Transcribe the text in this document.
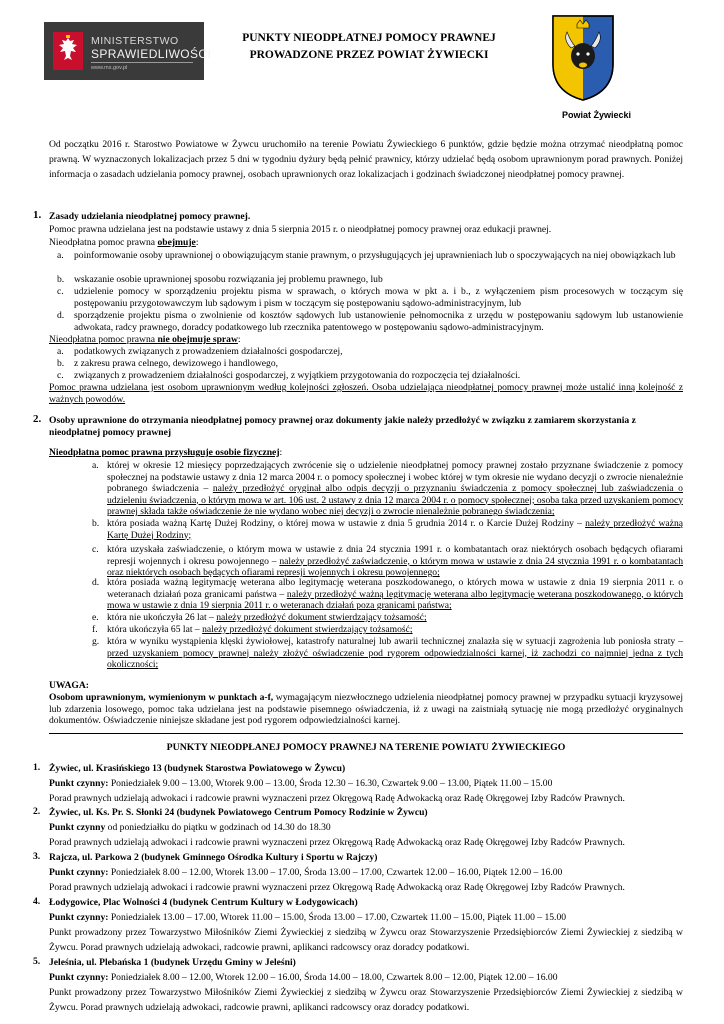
MINISTERSTWO
SPRAWIEDLIWOŚCI
www.ms.gov.pl
PUNKTY NIEODPŁATNEJ POMOCY PRAWNEJ
PROWADZONE PRZEZ POWIAT ŻYWIECKI
Powiat Żywiecki
Od początku 2016 r. Starostwo Powiatowe w Żywcu uruchomiło na terenie Powiatu Żywieckiego 6 punktów, gdzie będzie można otrzymać nieodpłatną pomoc prawną. W wyznaczonych lokalizacjach przez 5 dni w tygodniu dyżury będą pełnić prawnicy, którzy udzielać będą osobom uprawnionym porad prawnych. Poniżej informacja o zasadach udzielania pomocy prawnej, osobach uprawnionych oraz lokalizacjach i godzinach świadczonej nieodpłatnej pomocy prawnej.
1. Zasady udzielania nieodpłatnej pomocy prawnej.
Pomoc prawna udzielana jest na podstawie ustawy z dnia 5 sierpnia 2015 r. o nieodpłatnej pomocy prawnej oraz edukacji prawnej.
Nieodpłatna pomoc prawna obejmuje:
a. poinformowanie osoby uprawnionej o obowiązującym stanie prawnym, o przysługujących jej uprawnieniach lub o spoczywających na niej obowiązkach lub
b. wskazanie osobie uprawnionej sposobu rozwiązania jej problemu prawnego, lub
c. udzielenie pomocy w sporządzeniu projektu pisma w sprawach, o których mowa w pkt a. i b., z wyłączeniem pism procesowych w toczącym się postępowaniu przygotowawczym lub sądowym i pism w toczącym się postępowaniu sądowo-administracyjnym, lub
d. sporządzenie projektu pisma o zwolnienie od kosztów sądowych lub ustanowienie pełnomocnika z urzędu w postępowaniu sądowym lub ustanowienie adwokata, radcy prawnego, doradcy podatkowego lub rzecznika patentowego w postępowaniu sądowo-administracyjnym.
Nieodpłatna pomoc prawna nie obejmuje spraw:
a. podatkowych związanych z prowadzeniem działalności gospodarczej,
b. z zakresu prawa celnego, dewizowego i handlowego,
c. związanych z prowadzeniem działalności gospodarczej, z wyjątkiem przygotowania do rozpoczęcia tej działalności.
Pomoc prawna udzielana jest osobom uprawnionym według kolejności zgłoszeń. Osoba udzielająca nieodpłatnej pomocy prawnej może ustalić inną kolejność z ważnych powodów.
2. Osoby uprawnione do otrzymania nieodpłatnej pomocy prawnej oraz dokumenty jakie należy przedłożyć w związku z zamiarem skorzystania z nieodpłatnej pomocy prawnej
Nieodpłatna pomoc prawna przysługuje osobie fizycznej:
a. której w okresie 12 miesięcy poprzedzających zwrócenie się o udzielenie nieodpłatnej pomocy prawnej zostało przyznane świadczenie z pomocy społecznej na podstawie ustawy z dnia 12 marca 2004 r. o pomocy społecznej i wobec której w tym okresie nie wydano decyzji o zwrocie nienależnie pobranego świadczenia – należy przedłożyć oryginał albo odpis decyzji o przyznaniu świadczenia z pomocy społecznej lub zaświadczenia o udzieleniu świadczenia, o którym mowa w art. 106 ust. 2 ustawy z dnia 12 marca 2004 r. o pomocy społecznej; osoba taka przed uzyskaniem pomocy prawnej składa także oświadczenie że nie wydano wobec niej decyzji o zwrocie nienależnie pobranego świadczenia;
b. która posiada ważną Kartę Dużej Rodziny, o której mowa w ustawie z dnia 5 grudnia 2014 r. o Karcie Dużej Rodziny – należy przedłożyć ważną Kartę Dużej Rodziny;
c. która uzyskała zaświadczenie, o którym mowa w ustawie z dnia 24 stycznia 1991 r. o kombatantach oraz niektórych osobach będących ofiarami represji wojennych i okresu powojennego – należy przedłożyć zaświadczenie, o którym mowa w ustawie z dnia 24 stycznia 1991 r. o kombatantach oraz niektórych osobach będących ofiarami represji wojennych i okresu powojennego;
d. która posiada ważną legitymację weterana albo legitymację weterana poszkodowanego, o których mowa w ustawie z dnia 19 sierpnia 2011 r. o weteranach działań poza granicami państwa – należy przedłożyć ważną legitymację weterana albo legitymację weterana poszkodowanego, o których mowa w ustawie z dnia 19 sierpnia 2011 r. o weteranach działań poza granicami państwa;
e. która nie ukończyła 26 lat – należy przedłożyć dokument stwierdzający tożsamość;
f. która ukończyła 65 lat – należy przedłożyć dokument stwierdzający tożsamość;
g. która w wyniku wystąpienia klęski żywiołowej, katastrofy naturalnej lub awarii technicznej znalazła się w sytuacji zagrożenia lub poniosła straty – przed uzyskaniem pomocy prawnej należy złożyć oświadczenie pod rygorem odpowiedzialności karnej, iż zachodzi co najmniej jedna z tych okoliczności;
UWAGA:
Osobom uprawnionym, wymienionym w punktach a-f, wymagającym niezwłocznego udzielenia nieodpłatnej pomocy prawnej w przypadku sytuacji kryzysowej lub zdarzenia losowego, pomoc taka udzielana jest na podstawie pisemnego oświadczenia, iż z uwagi na zaistniałą sytuację nie mogą przedłożyć oryginalnych dokumentów. Oświadczenie niniejsze składane jest pod rygorem odpowiedzialności karnej.
PUNKTY NIEODPŁANEJ POMOCY PRAWNEJ NA TERENIE POWIATU ŻYWIECKIEGO
1. Żywiec, ul. Krasińskiego 13 (budynek Starostwa Powiatowego w Żywcu)
Punkt czynny: Poniedziałek 9.00 – 13.00, Wtorek 9.00 – 13.00, Środa 12.30 – 16.30, Czwartek 9.00 – 13.00, Piątek 11.00 – 15.00
Porad prawnych udzielają adwokaci i radcowie prawni wyznaczeni przez Okręgową Radę Adwokacką oraz Radę Okręgowej Izby Radców Prawnych.
2. Żywiec, ul. Ks. Pr. S. Słonki 24 (budynek Powiatowego Centrum Pomocy Rodzinie w Żywcu)
Punkt czynny od poniedziałku do piątku w godzinach od 14.30 do 18.30
Porad prawnych udzielają adwokaci i radcowie prawni wyznaczeni przez Okręgową Radę Adwokacką oraz Radę Okręgowej Izby Radców Prawnych.
3. Rajcza, ul. Parkowa 2 (budynek Gminnego Ośrodka Kultury i Sportu w Rajczy)
Punkt czynny: Poniedziałek 8.00 – 12.00, Wtorek 13.00 – 17.00, Środa 13.00 – 17.00, Czwartek 12.00 – 16.00, Piątek 12.00 – 16.00
Porad prawnych udzielają adwokaci i radcowie prawni wyznaczeni przez Okręgową Radę Adwokacką oraz Radę Okręgowej Izby Radców Prawnych.
4. Łodygowice, Plac Wolności 4 (budynek Centrum Kultury w Łodygowicach)
Punkt czynny: Poniedziałek 13.00 – 17.00, Wtorek 11.00 – 15.00, Środa 13.00 – 17.00, Czwartek 11.00 – 15.00, Piątek 11.00 – 15.00
Punkt prowadzony przez Towarzystwo Miłośników Ziemi Żywieckiej z siedzibą w Żywcu oraz Stowarzyszenie Przedsiębiorców Ziemi Żywieckiej z siedzibą w Żywcu. Porad prawnych udzielają adwokaci, radcowie prawni, aplikanci radcowscy oraz doradcy podatkowi.
5. Jeleśnia, ul. Plebańska 1 (budynek Urzędu Gminy w Jeleśni)
Punkt czynny: Poniedziałek 8.00 – 12.00, Wtorek 12.00 – 16.00, Środa 14.00 – 18.00, Czwartek 8.00 – 12.00, Piątek 12.00 – 16.00
Punkt prowadzony przez Towarzystwo Miłośników Ziemi Żywieckiej z siedzibą w Żywcu oraz Stowarzyszenie Przedsiębiorców Ziemi Żywieckiej z siedzibą w Żywcu. Porad prawnych udzielają adwokaci, radcowie prawni, aplikanci radcowscy oraz doradcy podatkowi.
